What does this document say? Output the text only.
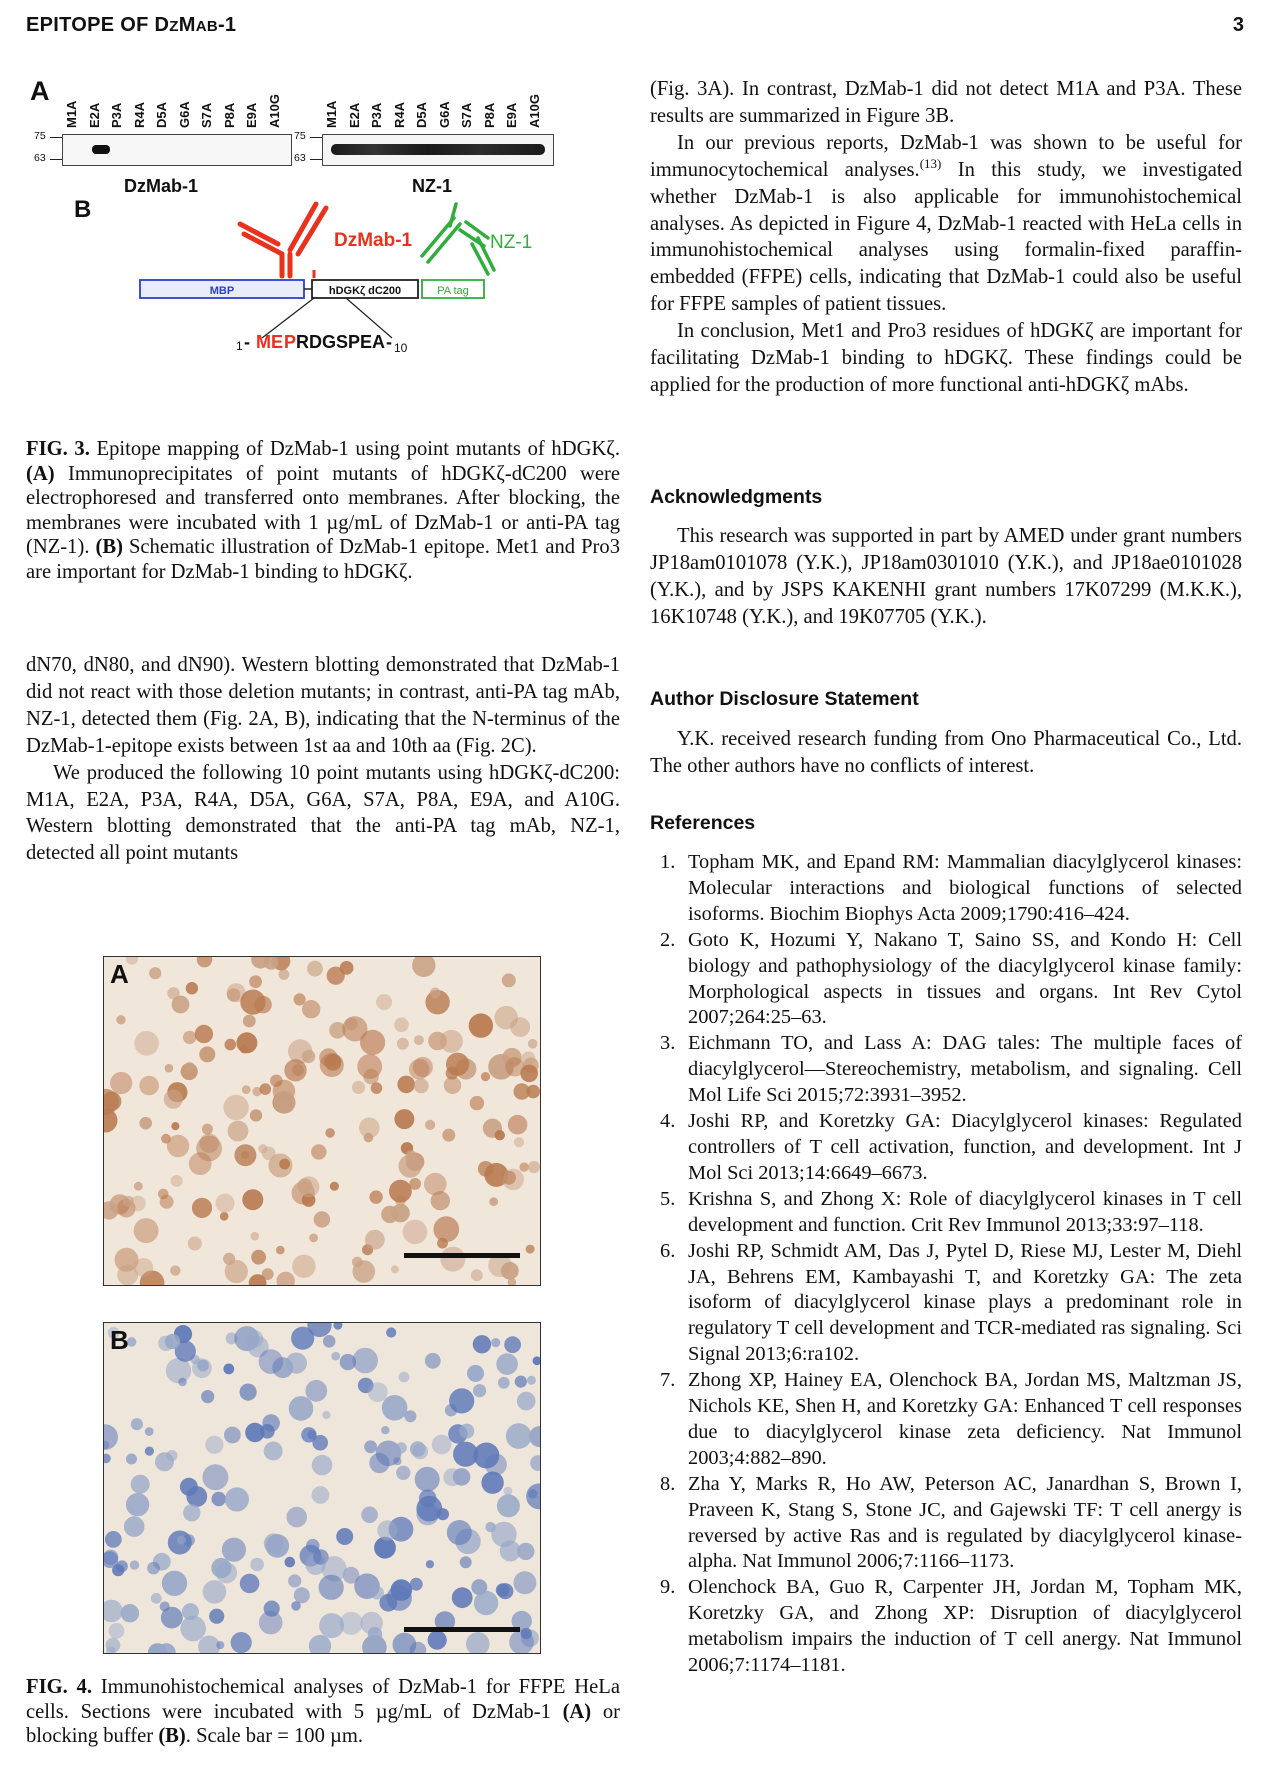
EPITOPE OF DZMAB-1	3
A
M1A E2A P3A R4A D5A G6A S7A P8A E9A A10G	M1A E2A P3A R4A D5A G6A S7A P8A E9A A10G
75
63
DzMab-1
75
63
NZ-1
B
DzMab-1	NZ-1
MBP	hDGKζ dC200	PA tag
1 - ME P RDGSPEA - 10
FIG. 3. Epitope mapping of DzMab-1 using point mutants of hDGKζ. (A) Immunoprecipitates of point mutants of hDGKζ-dC200 were electrophoresed and transferred onto membranes. After blocking, the membranes were incubated with 1 µg/mL of DzMab-1 or anti-PA tag (NZ-1). (B) Schematic illustration of DzMab-1 epitope. Met1 and Pro3 are important for DzMab-1 binding to hDGKζ.

dN70, dN80, and dN90). Western blotting demonstrated that DzMab-1 did not react with those deletion mutants; in contrast, anti-PA tag mAb, NZ-1, detected them (Fig. 2A, B), indicating that the N-terminus of the DzMab-1-epitope exists between 1st aa and 10th aa (Fig. 2C).

We produced the following 10 point mutants using hDGKζ-dC200: M1A, E2A, P3A, R4A, D5A, G6A, S7A, P8A, E9A, and A10G. Western blotting demonstrated that the anti-PA tag mAb, NZ-1, detected all point mutants

A
B
FIG. 4. Immunohistochemical analyses of DzMab-1 for FFPE HeLa cells. Sections were incubated with 5 µg/mL of DzMab-1 (A) or blocking buffer (B). Scale bar = 100 µm.

(Fig. 3A). In contrast, DzMab-1 did not detect M1A and P3A. These results are summarized in Figure 3B.

In our previous reports, DzMab-1 was shown to be useful for immunocytochemical analyses.$^{(13)}$ In this study, we investigated whether DzMab-1 is also applicable for immunohistochemical analyses. As depicted in Figure 4, DzMab-1 reacted with HeLa cells in immunohistochemical analyses using formalin-fixed paraffin-embedded (FFPE) cells, indicating that DzMab-1 could also be useful for FFPE samples of patient tissues.

In conclusion, Met1 and Pro3 residues of hDGKζ are important for facilitating DzMab-1 binding to hDGKζ. These findings could be applied for the production of more functional anti-hDGKζ mAbs.

Acknowledgments

This research was supported in part by AMED under grant numbers JP18am0101078 (Y.K.), JP18am0301010 (Y.K.), and JP18ae0101028 (Y.K.), and by JSPS KAKENHI grant numbers 17K07299 (M.K.K.), 16K10748 (Y.K.), and 19K07705 (Y.K.).

Author Disclosure Statement

Y.K. received research funding from Ono Pharmaceutical Co., Ltd. The other authors have no conflicts of interest.

References
1. Topham MK, and Epand RM: Mammalian diacylglycerol kinases: Molecular interactions and biological functions of selected isoforms. Biochim Biophys Acta 2009;1790:416–424.
2. Goto K, Hozumi Y, Nakano T, Saino SS, and Kondo H: Cell biology and pathophysiology of the diacylglycerol kinase family: Morphological aspects in tissues and organs. Int Rev Cytol 2007;264:25–63.
3. Eichmann TO, and Lass A: DAG tales: The multiple faces of diacylglycerol—Stereochemistry, metabolism, and signaling. Cell Mol Life Sci 2015;72:3931–3952.
4. Joshi RP, and Koretzky GA: Diacylglycerol kinases: Regulated controllers of T cell activation, function, and development. Int J Mol Sci 2013;14:6649–6673.
5. Krishna S, and Zhong X: Role of diacylglycerol kinases in T cell development and function. Crit Rev Immunol 2013;33:97–118.
6. Joshi RP, Schmidt AM, Das J, Pytel D, Riese MJ, Lester M, Diehl JA, Behrens EM, Kambayashi T, and Koretzky GA: The zeta isoform of diacylglycerol kinase plays a predominant role in regulatory T cell development and TCR-mediated ras signaling. Sci Signal 2013;6:ra102.
7. Zhong XP, Hainey EA, Olenchock BA, Jordan MS, Maltzman JS, Nichols KE, Shen H, and Koretzky GA: Enhanced T cell responses due to diacylglycerol kinase zeta deficiency. Nat Immunol 2003;4:882–890.
8. Zha Y, Marks R, Ho AW, Peterson AC, Janardhan S, Brown I, Praveen K, Stang S, Stone JC, and Gajewski TF: T cell anergy is reversed by active Ras and is regulated by diacylglycerol kinase-alpha. Nat Immunol 2006;7:1166–1173.
9. Olenchock BA, Guo R, Carpenter JH, Jordan M, Topham MK, Koretzky GA, and Zhong XP: Disruption of diacylglycerol metabolism impairs the induction of T cell anergy. Nat Immunol 2006;7:1174–1181.
